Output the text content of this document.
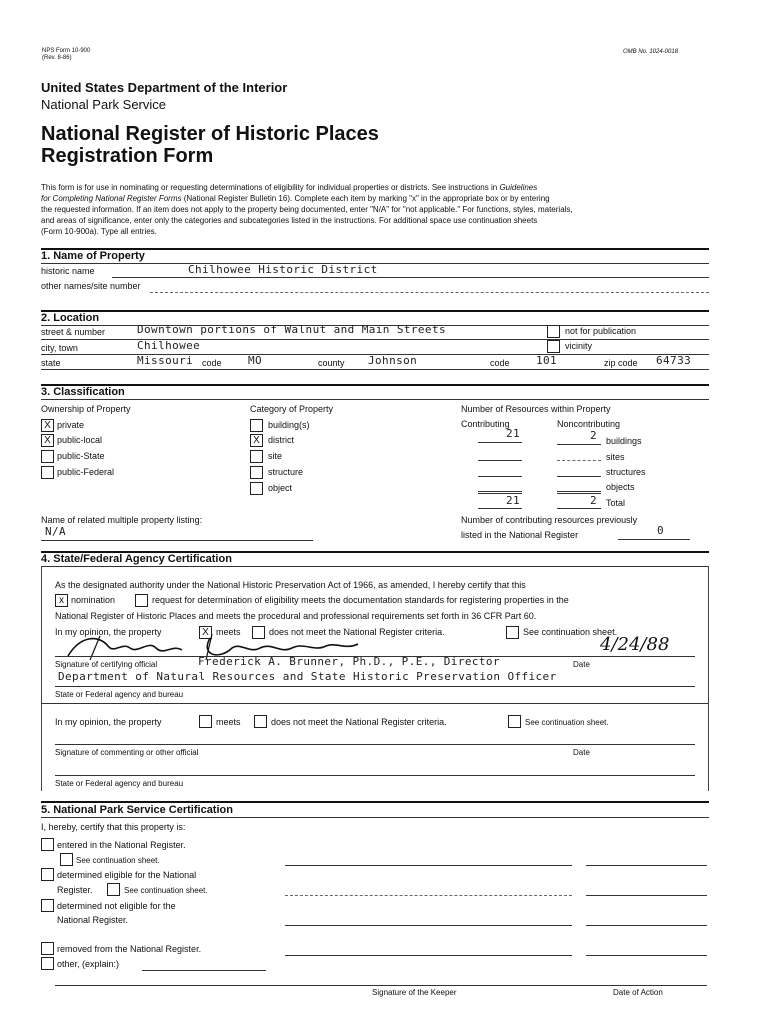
NPS Form 10-900
(Rev. 8-86)
OMB No. 1024-0018
United States Department of the Interior
National Park Service
National Register of Historic Places
Registration Form
This form is for use in nominating or requesting determinations of eligibility for individual properties or districts. See instructions in Guidelines
for Completing National Register Forms (National Register Bulletin 16). Complete each item by marking "x" in the appropriate box or by entering
the requested information. If an item does not apply to the property being documented, enter "N/A" for "not applicable." For functions, styles, materials,
and areas of significance, enter only the categories and subcategories listed in the instructions. For additional space use continuation sheets
(Form 10-900a). Type all entries.
1. Name of Property
historic name	Chilhowee Historic District
other names/site number
2. Location
street & number	Downtown portions of Walnut and Main Streets	not for publication
city, town	Chilhowee	vicinity
state	Missouri code MO	county Johnson	code 101	zip code 64733
3. Classification
Ownership of Property
X private
X public-local
public-State
public-Federal
Category of Property
building(s)
X district
site
structure
object
Number of Resources within Property
Contributing	Noncontributing
21	2 buildings
sites
structures
objects
21	2 Total
Name of related multiple property listing:
N/A
Number of contributing resources previously
listed in the National Register	0
4. State/Federal Agency Certification
As the designated authority under the National Historic Preservation Act of 1966, as amended, I hereby certify that this
x nomination	request for determination of eligibility meets the documentation standards for registering properties in the
National Register of Historic Places and meets the procedural and professional requirements set forth in 36 CFR Part 60.
In my opinion, the property	X meets	does not meet the National Register criteria.	See continuation sheet.
4/24/88
Signature of certifying official	Frederick A. Brunner, Ph.D., P.E., Director	Date
Department of Natural Resources and State Historic Preservation Officer
State or Federal agency and bureau
In my opinion, the property	meets	does not meet the National Register criteria.	See continuation sheet.
Signature of commenting or other official	Date
State or Federal agency and bureau
5. National Park Service Certification
I, hereby, certify that this property is:
entered in the National Register.
See continuation sheet.
determined eligible for the National
Register.	See continuation sheet.
determined not eligible for the
National Register.
removed from the National Register.
other, (explain:)
Signature of the Keeper	Date of Action
